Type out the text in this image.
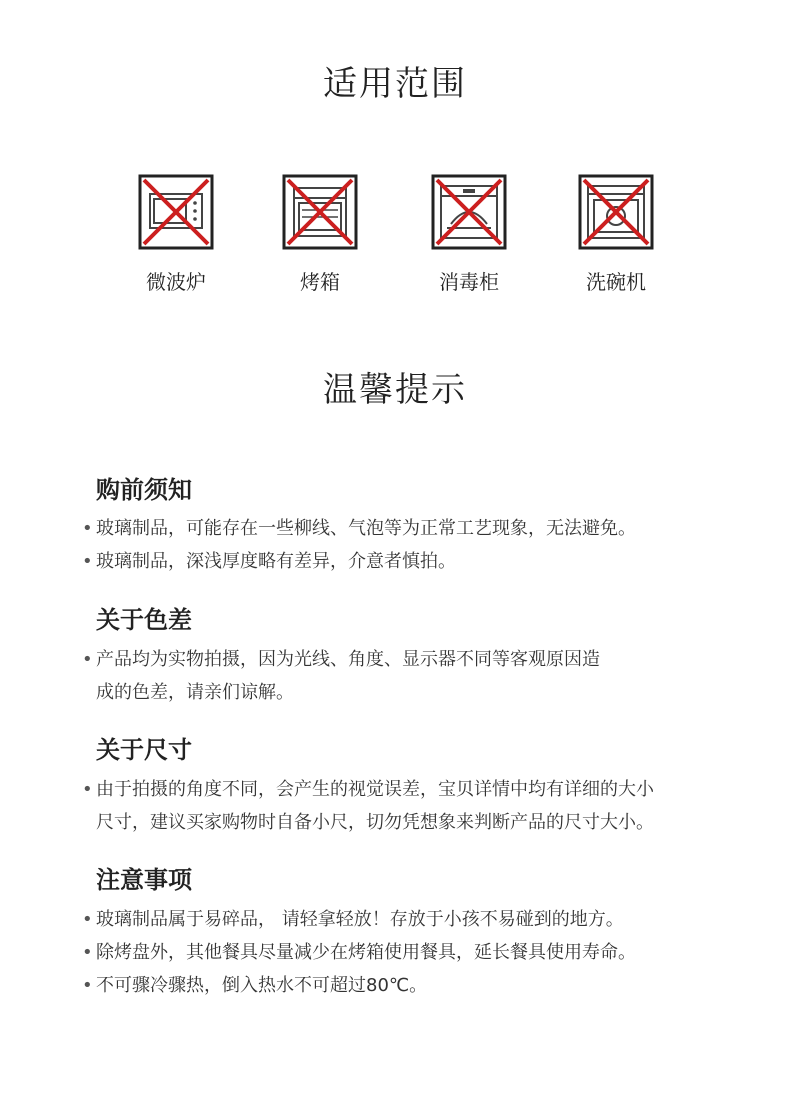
适用范围
微波炉	烤箱	消毒柜	洗碗机
温馨提示
购前须知
• 玻璃制品，可能存在一些柳线、气泡等为正常工艺现象，无法避免。
• 玻璃制品，深浅厚度略有差异，介意者慎拍。
关于色差
• 产品均为实物拍摄，因为光线、角度、显示器不同等客观原因造
成的色差，请亲们谅解。
关于尺寸
• 由于拍摄的角度不同，会产生的视觉误差，宝贝详情中均有详细的大小
尺寸，建议买家购物时自备小尺，切勿凭想象来判断产品的尺寸大小。
注意事项
• 玻璃制品属于易碎品， 请轻拿轻放！存放于小孩不易碰到的地方。
• 除烤盘外，其他餐具尽量减少在烤箱使用餐具，延长餐具使用寿命。
• 不可骤冷骤热，倒入热水不可超过80℃。
